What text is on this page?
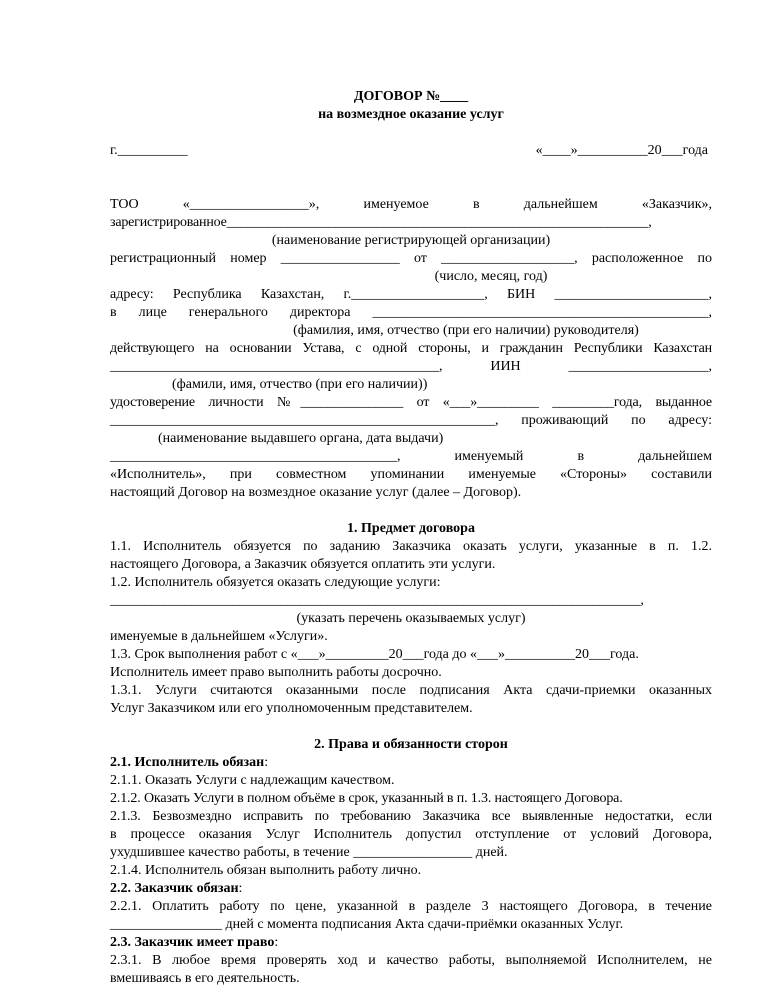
ДОГОВОР №____

на возмездное оказание услуг

г.__________	«____»__________20___года

ТОО «_________________», именуемое в дальнейшем «Заказчик»,

зарегистрированное______________________________________________________________,

(наименование регистрирующей организации)

регистрационный номер _________________ от ___________________, расположенное по

(число, месяц, год)

адресу: Республика Казахстан, г.___________________, БИН ______________________,

в лице генерального директора ________________________________________________,

(фамилия, имя, отчество (при его наличии) руководителя)

действующего на основании Устава, с одной стороны, и гражданин Республики Казахстан

_______________________________________________, ИИН ____________________,

(фамили, имя, отчество (при его наличии))

удостоверение личности №_______________ от «___»_________ _________года, выданное

_______________________________________________________, проживающий по адресу:

(наименование выдавшего органа, дата выдачи)

_________________________________________, именуемый в дальнейшем

«Исполнитель», при совместном упоминании именуемые «Стороны» составили

настоящий Договор на возмездное оказание услуг (далее – Договор).

1. Предмет договора

1.1. Исполнитель обязуется по заданию Заказчика оказать услуги, указанные в п. 1.2.

настоящего Договора, а Заказчик обязуется оплатить эти услуги.

1.2. Исполнитель обязуется оказать следующие услуги:

______________________________________________________________________________,

(указать перечень оказываемых услуг)

именуемые в дальнейшем «Услуги».

1.3. Срок выполнения работ с «___»_________20___года до «___»__________20___года.

Исполнитель имеет право выполнить работы досрочно.

1.3.1. Услуги считаются оказанными после подписания Акта сдачи-приемки оказанных

Услуг Заказчиком или его уполномоченным представителем.

2. Права и обязанности сторон

2.1. Исполнитель обязан:

2.1.1. Оказать Услуги с надлежащим качеством.

2.1.2. Оказать Услуги в полном объёме в срок, указанный в п. 1.3. настоящего Договора.

2.1.3. Безвозмездно исправить по требованию Заказчика все выявленные недостатки, если

в процессе оказания Услуг Исполнитель допустил отступление от условий Договора,

ухудшившее качество работы, в течение _________________ дней.

2.1.4. Исполнитель обязан выполнить работу лично.

2.2. Заказчик обязан:

2.2.1. Оплатить работу по цене, указанной в разделе 3 настоящего Договора, в течение

________________ дней с момента подписания Акта сдачи-приёмки оказанных Услуг.

2.3. Заказчик имеет право:

2.3.1. В любое время проверять ход и качество работы, выполняемой Исполнителем, не

вмешиваясь в его деятельность.
